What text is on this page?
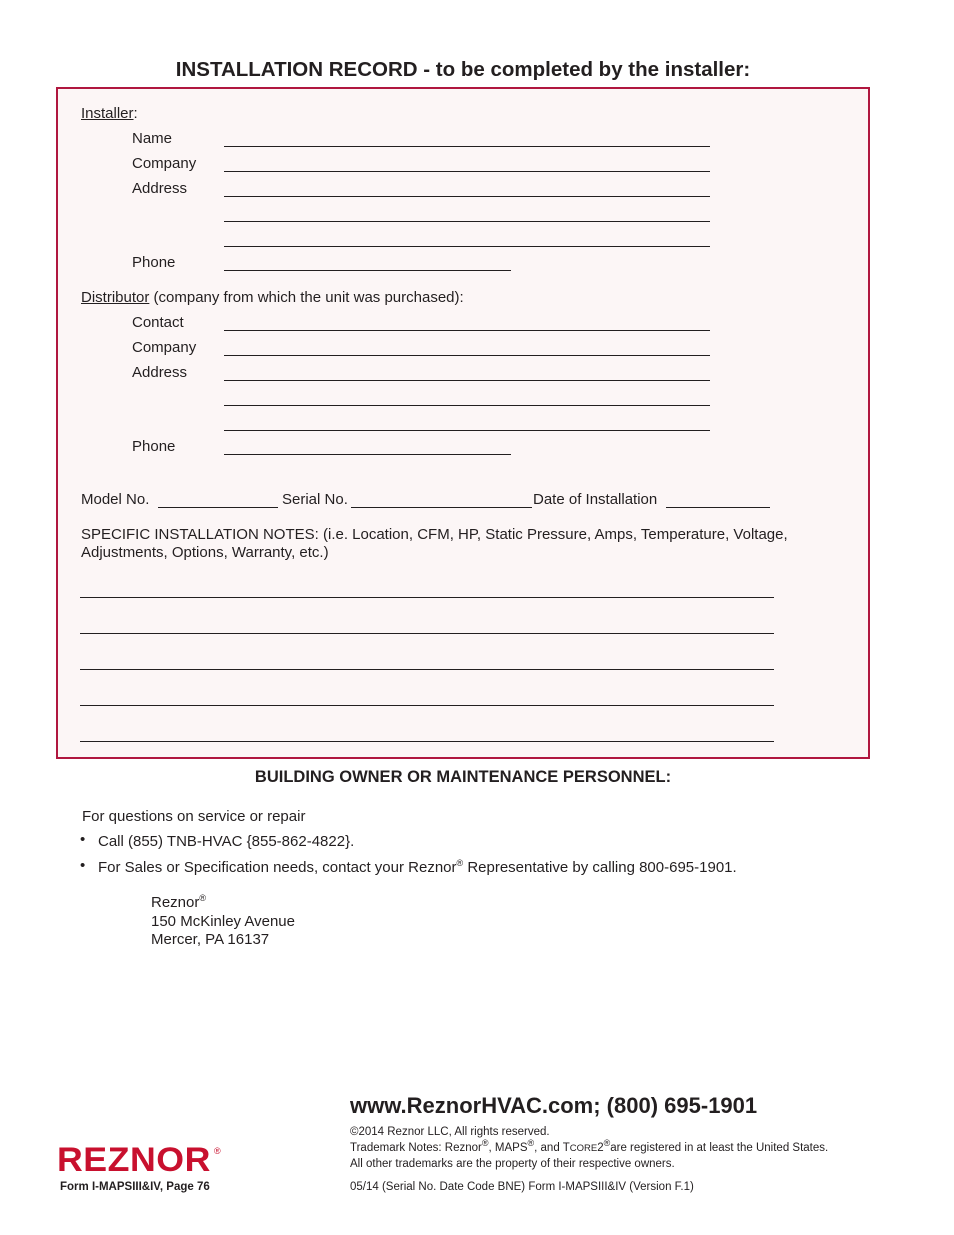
INSTALLATION RECORD - to be completed by the installer:
Installer:
Name
Company
Address
Phone
Distributor (company from which the unit was purchased):
Contact
Company
Address
Phone
Model No.	Serial No.	Date of Installation
SPECIFIC INSTALLATION NOTES: (i.e. Location, CFM, HP, Static Pressure, Amps, Temperature, Voltage,
Adjustments, Options, Warranty, etc.)
BUILDING OWNER OR MAINTENANCE PERSONNEL:
For questions on service or repair
• Call (855) TNB-HVAC {855-862-4822}.
• For Sales or Specification needs, contact your Reznor® Representative by calling 800-695-1901.
Reznor®
150 McKinley Avenue
Mercer, PA 16137
www.ReznorHVAC.com; (800) 695-1901
©2014 Reznor LLC, All rights reserved.
Trademark Notes: Reznor®, MAPS®, and TCORE2®are registered in at least the United States.
All other trademarks are the property of their respective owners.
05/14 (Serial No. Date Code BNE) Form I-MAPSIII&IV (Version F.1)
REZNOR ®
Form I-MAPSIII&IV, Page 76
